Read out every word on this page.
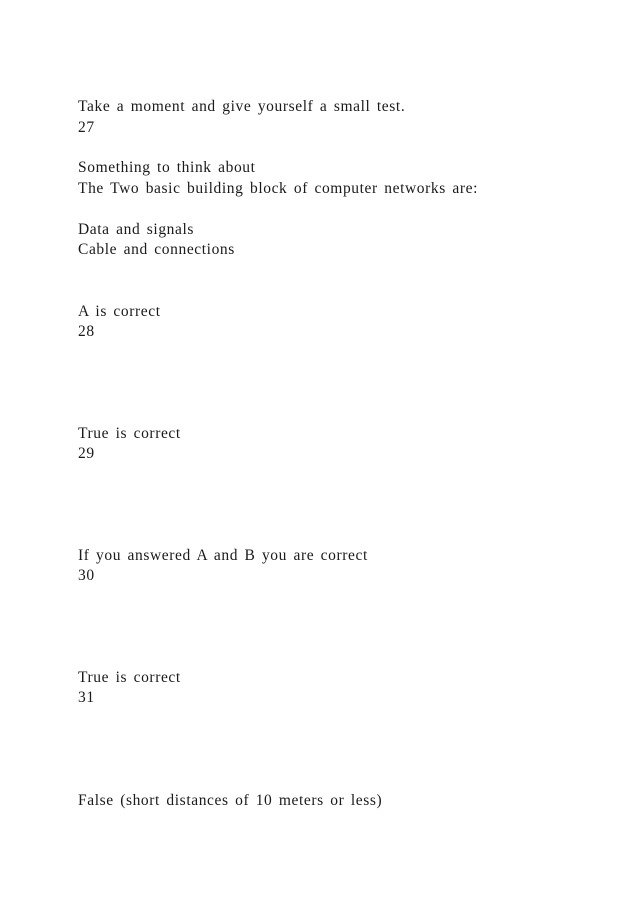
Take a moment and give yourself a small test.
27
Something to think about
The Two basic building block of computer networks are:
Data and signals
Cable and connections
A is correct
28
True is correct
29
If you answered A and B you are correct
30
True is correct
31
False (short distances of 10 meters or less)
